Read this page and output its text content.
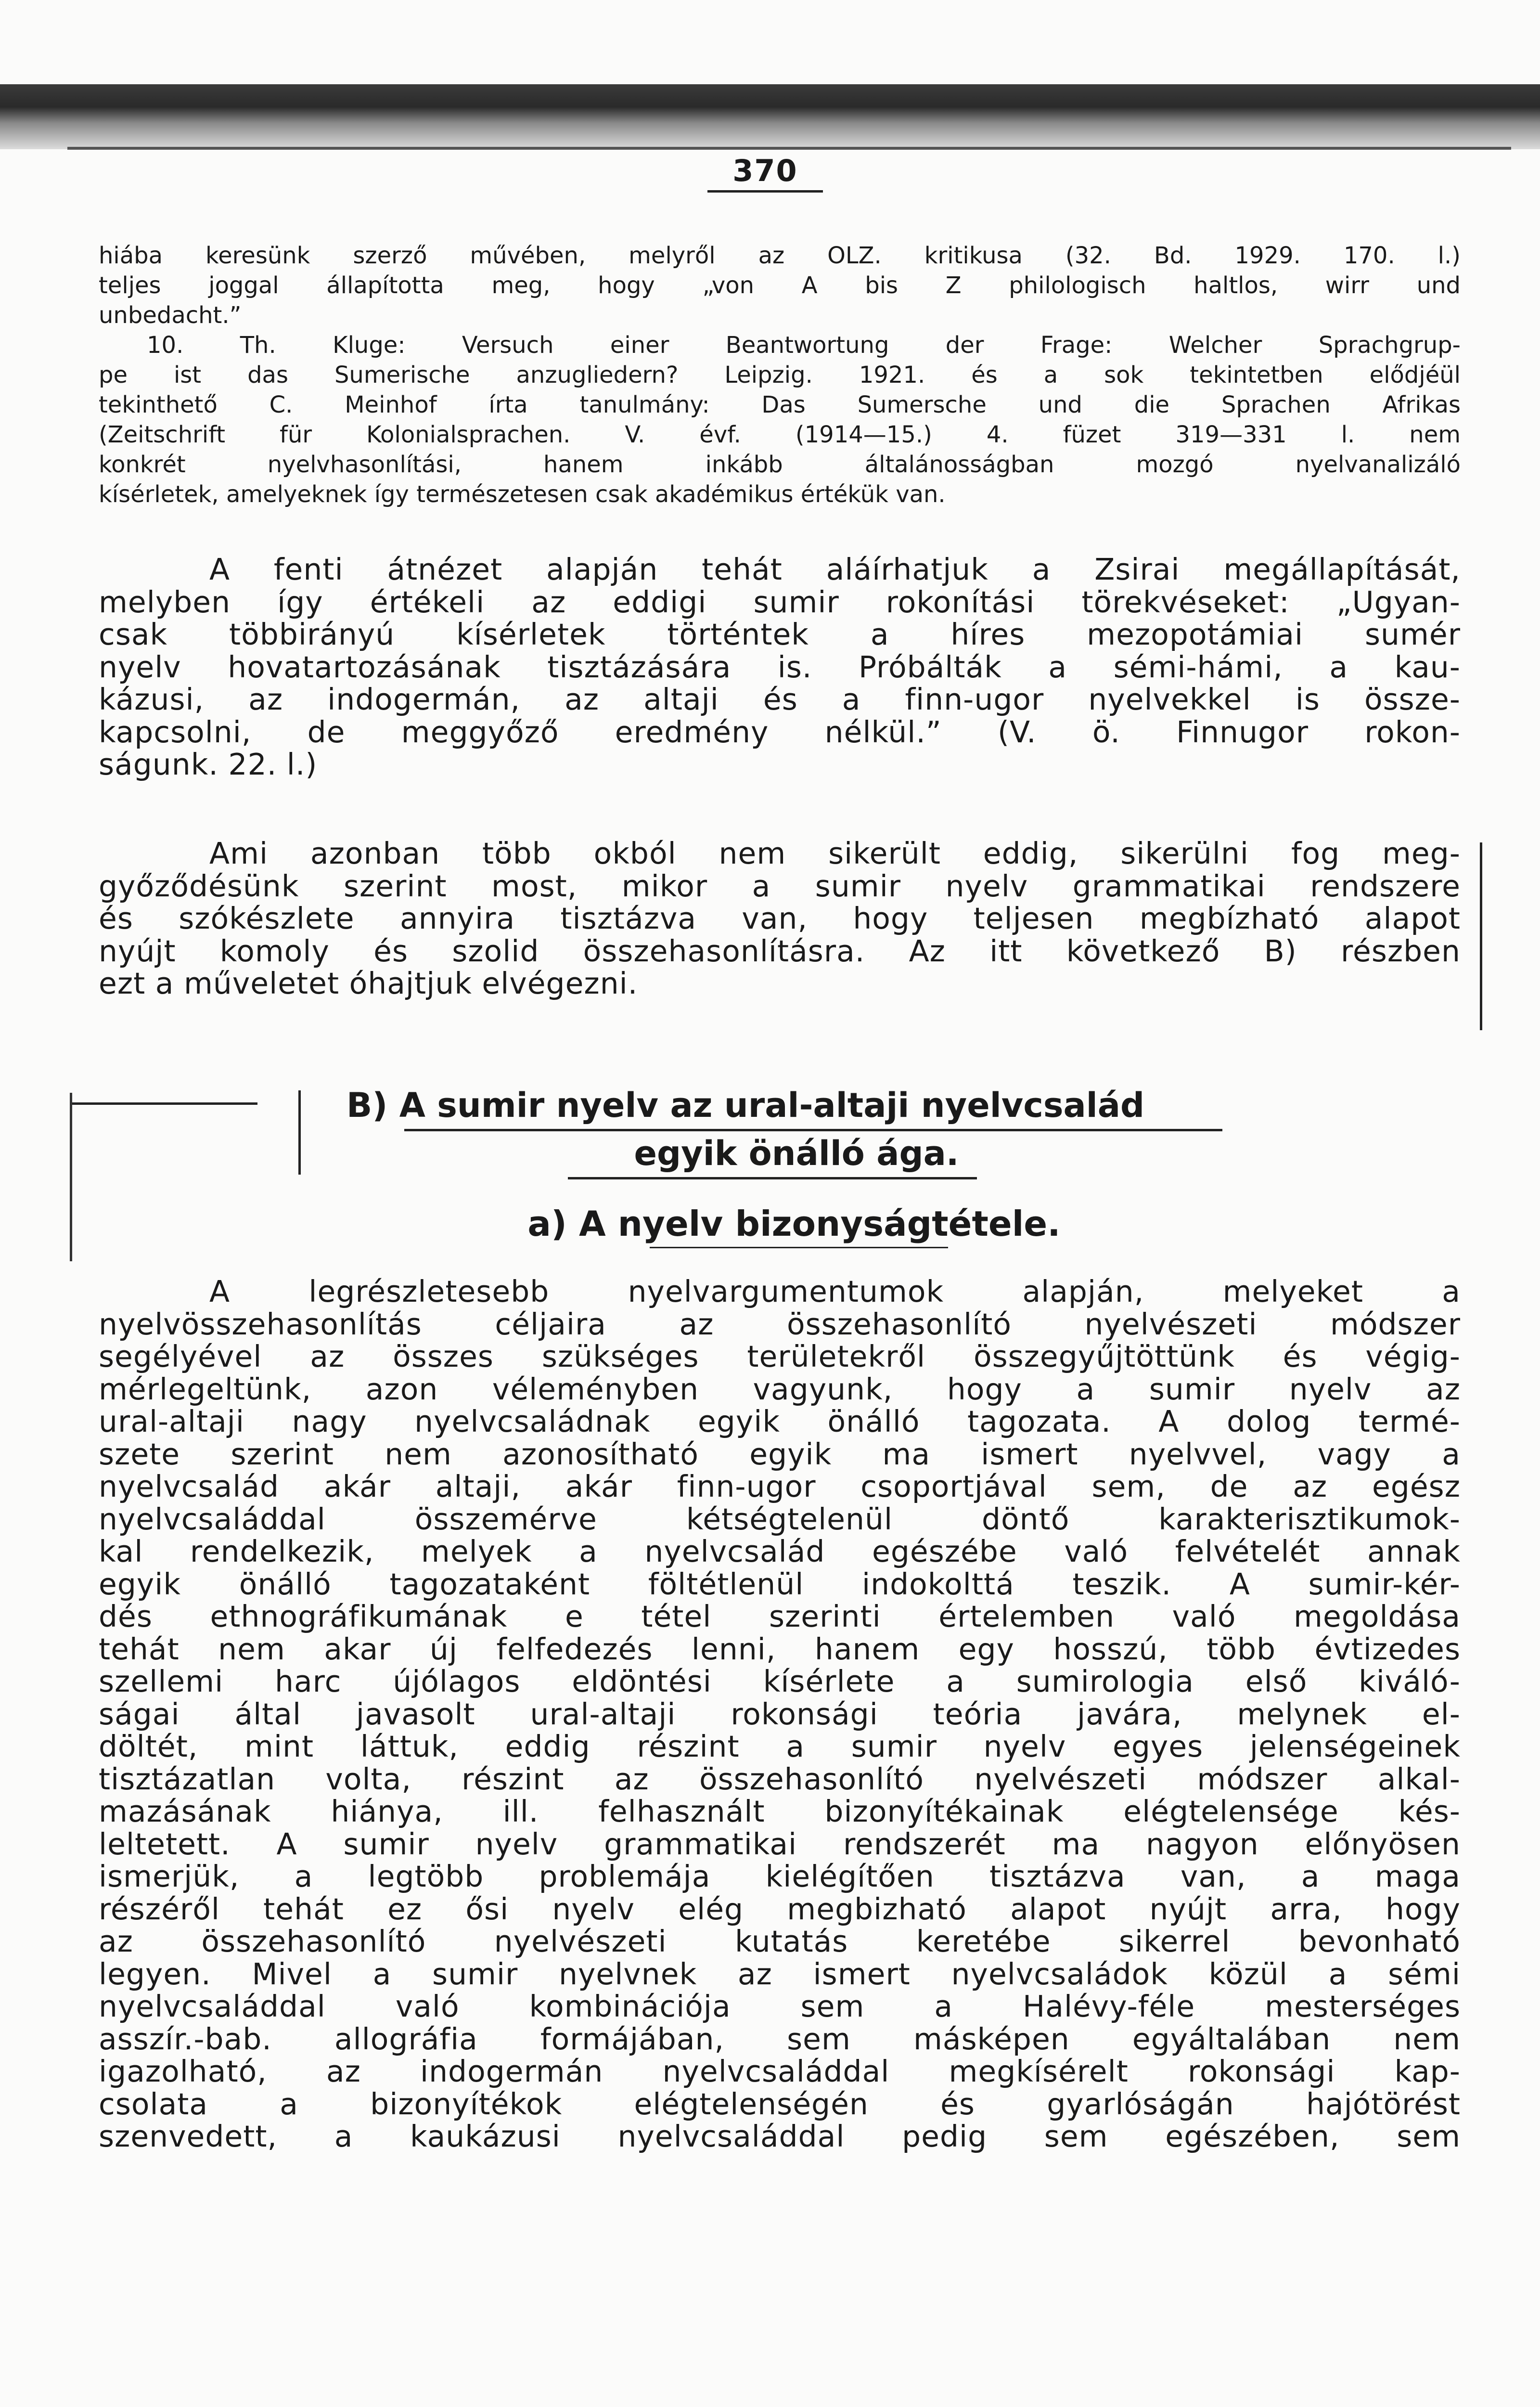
370
hiába keresünk szerző művében, melyről az OLZ. kritikusa (32. Bd. 1929. 170. l.)
teljes joggal állapította meg, hogy „von A bis Z philologisch haltlos, wirr und
unbedacht.”
10. Th. Kluge: Versuch einer Beantwortung der Frage: Welcher Sprachgrup-
pe ist das Sumerische anzugliedern? Leipzig. 1921. és a sok tekintetben elődjéül
tekinthető C. Meinhof írta tanulmány: Das Sumersche und die Sprachen Afrikas
(Zeitschrift für Kolonialsprachen. V. évf. (1914—15.) 4. füzet 319—331 l. nem
konkrét nyelvhasonlítási, hanem inkább általánosságban mozgó nyelvanalizáló
kísérletek, amelyeknek így természetesen csak akadémikus értékük van.
A fenti átnézet alapján tehát aláírhatjuk a Zsirai megállapítását,
melyben így értékeli az eddigi sumir rokonítási törekvéseket: „Ugyan-
csak többirányú kísérletek történtek a híres mezopotámiai sumér
nyelv hovatartozásának tisztázására is. Próbálták a sémi-hámi, a kau-
kázusi, az indogermán, az altaji és a finn-ugor nyelvekkel is össze-
kapcsolni, de meggyőző eredmény nélkül.” (V. ö. Finnugor rokon-
ságunk. 22. l.)
Ami azonban több okból nem sikerült eddig, sikerülni fog meg-
győződésünk szerint most, mikor a sumir nyelv grammatikai rendszere
és szókészlete annyira tisztázva van, hogy teljesen megbízható alapot
nyújt komoly és szolid összehasonlításra. Az itt következő B) részben
ezt a műveletet óhajtjuk elvégezni.
B) A sumir nyelv az ural-altaji nyelvcsalád
egyik önálló ága.
a) A nyelv bizonyságtétele.
A legrészletesebb nyelvargumentumok alapján, melyeket a
nyelvösszehasonlítás céljaira az összehasonlító nyelvészeti módszer
segélyével az összes szükséges területekről összegyűjtöttünk és végig-
mérlegeltünk, azon véleményben vagyunk, hogy a sumir nyelv az
ural-altaji nagy nyelvcsaládnak egyik önálló tagozata. A dolog termé-
szete szerint nem azonosítható egyik ma ismert nyelvvel, vagy a
nyelvcsalád akár altaji, akár finn-ugor csoportjával sem, de az egész
nyelvcsaláddal összemérve kétségtelenül döntő karakterisztikumok-
kal rendelkezik, melyek a nyelvcsalád egészébe való felvételét annak
egyik önálló tagozataként föltétlenül indokolttá teszik. A sumir-kér-
dés ethnográfikumának e tétel szerinti értelemben való megoldása
tehát nem akar új felfedezés lenni, hanem egy hosszú, több évtizedes
szellemi harc újólagos eldöntési kísérlete a sumirologia első kiváló-
ságai által javasolt ural-altaji rokonsági teória javára, melynek el-
döltét, mint láttuk, eddig részint a sumir nyelv egyes jelenségeinek
tisztázatlan volta, részint az összehasonlító nyelvészeti módszer alkal-
mazásának hiánya, ill. felhasznált bizonyítékainak elégtelensége kés-
leltetett. A sumir nyelv grammatikai rendszerét ma nagyon előnyösen
ismerjük, a legtöbb problemája kielégítően tisztázva van, a maga
részéről tehát ez ősi nyelv elég megbizható alapot nyújt arra, hogy
az összehasonlító nyelvészeti kutatás keretébe sikerrel bevonható
legyen. Mivel a sumir nyelvnek az ismert nyelvcsaládok közül a sémi
nyelvcsaláddal való kombinációja sem a Halévy-féle mesterséges
asszír.-bab. allográfia formájában, sem másképen egyáltalában nem
igazolható, az indogermán nyelvcsaláddal megkísérelt rokonsági kap-
csolata a bizonyítékok elégtelenségén és gyarlóságán hajótörést
szenvedett, a kaukázusi nyelvcsaláddal pedig sem egészében, sem
